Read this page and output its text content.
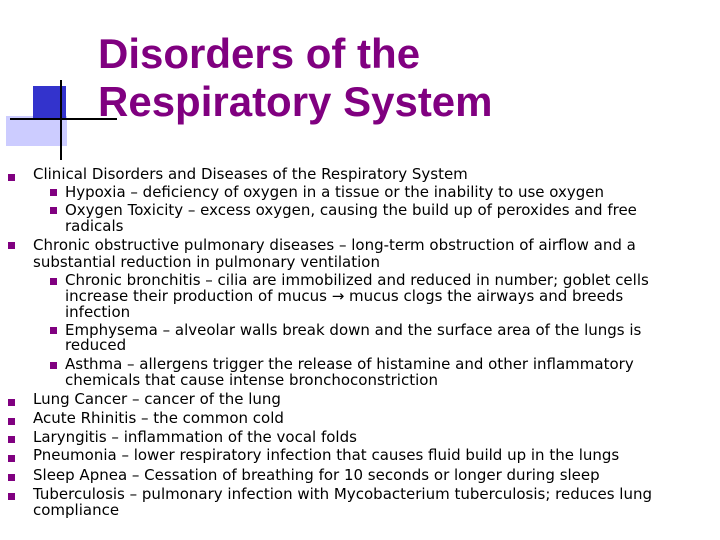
Disorders of the
Respiratory System
Clinical Disorders and Diseases of the Respiratory System
Hypoxia – deficiency of oxygen in a tissue or the inability to use oxygen
Oxygen Toxicity – excess oxygen, causing the build up of peroxides and free
radicals
Chronic obstructive pulmonary diseases – long-term obstruction of airflow and a
substantial reduction in pulmonary ventilation
Chronic bronchitis – cilia are immobilized and reduced in number; goblet cells
increase their production of mucus → mucus clogs the airways and breeds
infection
Emphysema – alveolar walls break down and the surface area of the lungs is
reduced
Asthma – allergens trigger the release of histamine and other inflammatory
chemicals that cause intense bronchoconstriction
Lung Cancer – cancer of the lung
Acute Rhinitis – the common cold
Laryngitis – inflammation of the vocal folds
Pneumonia – lower respiratory infection that causes fluid build up in the lungs
Sleep Apnea – Cessation of breathing for 10 seconds or longer during sleep
Tuberculosis – pulmonary infection with Mycobacterium tuberculosis; reduces lung
compliance
